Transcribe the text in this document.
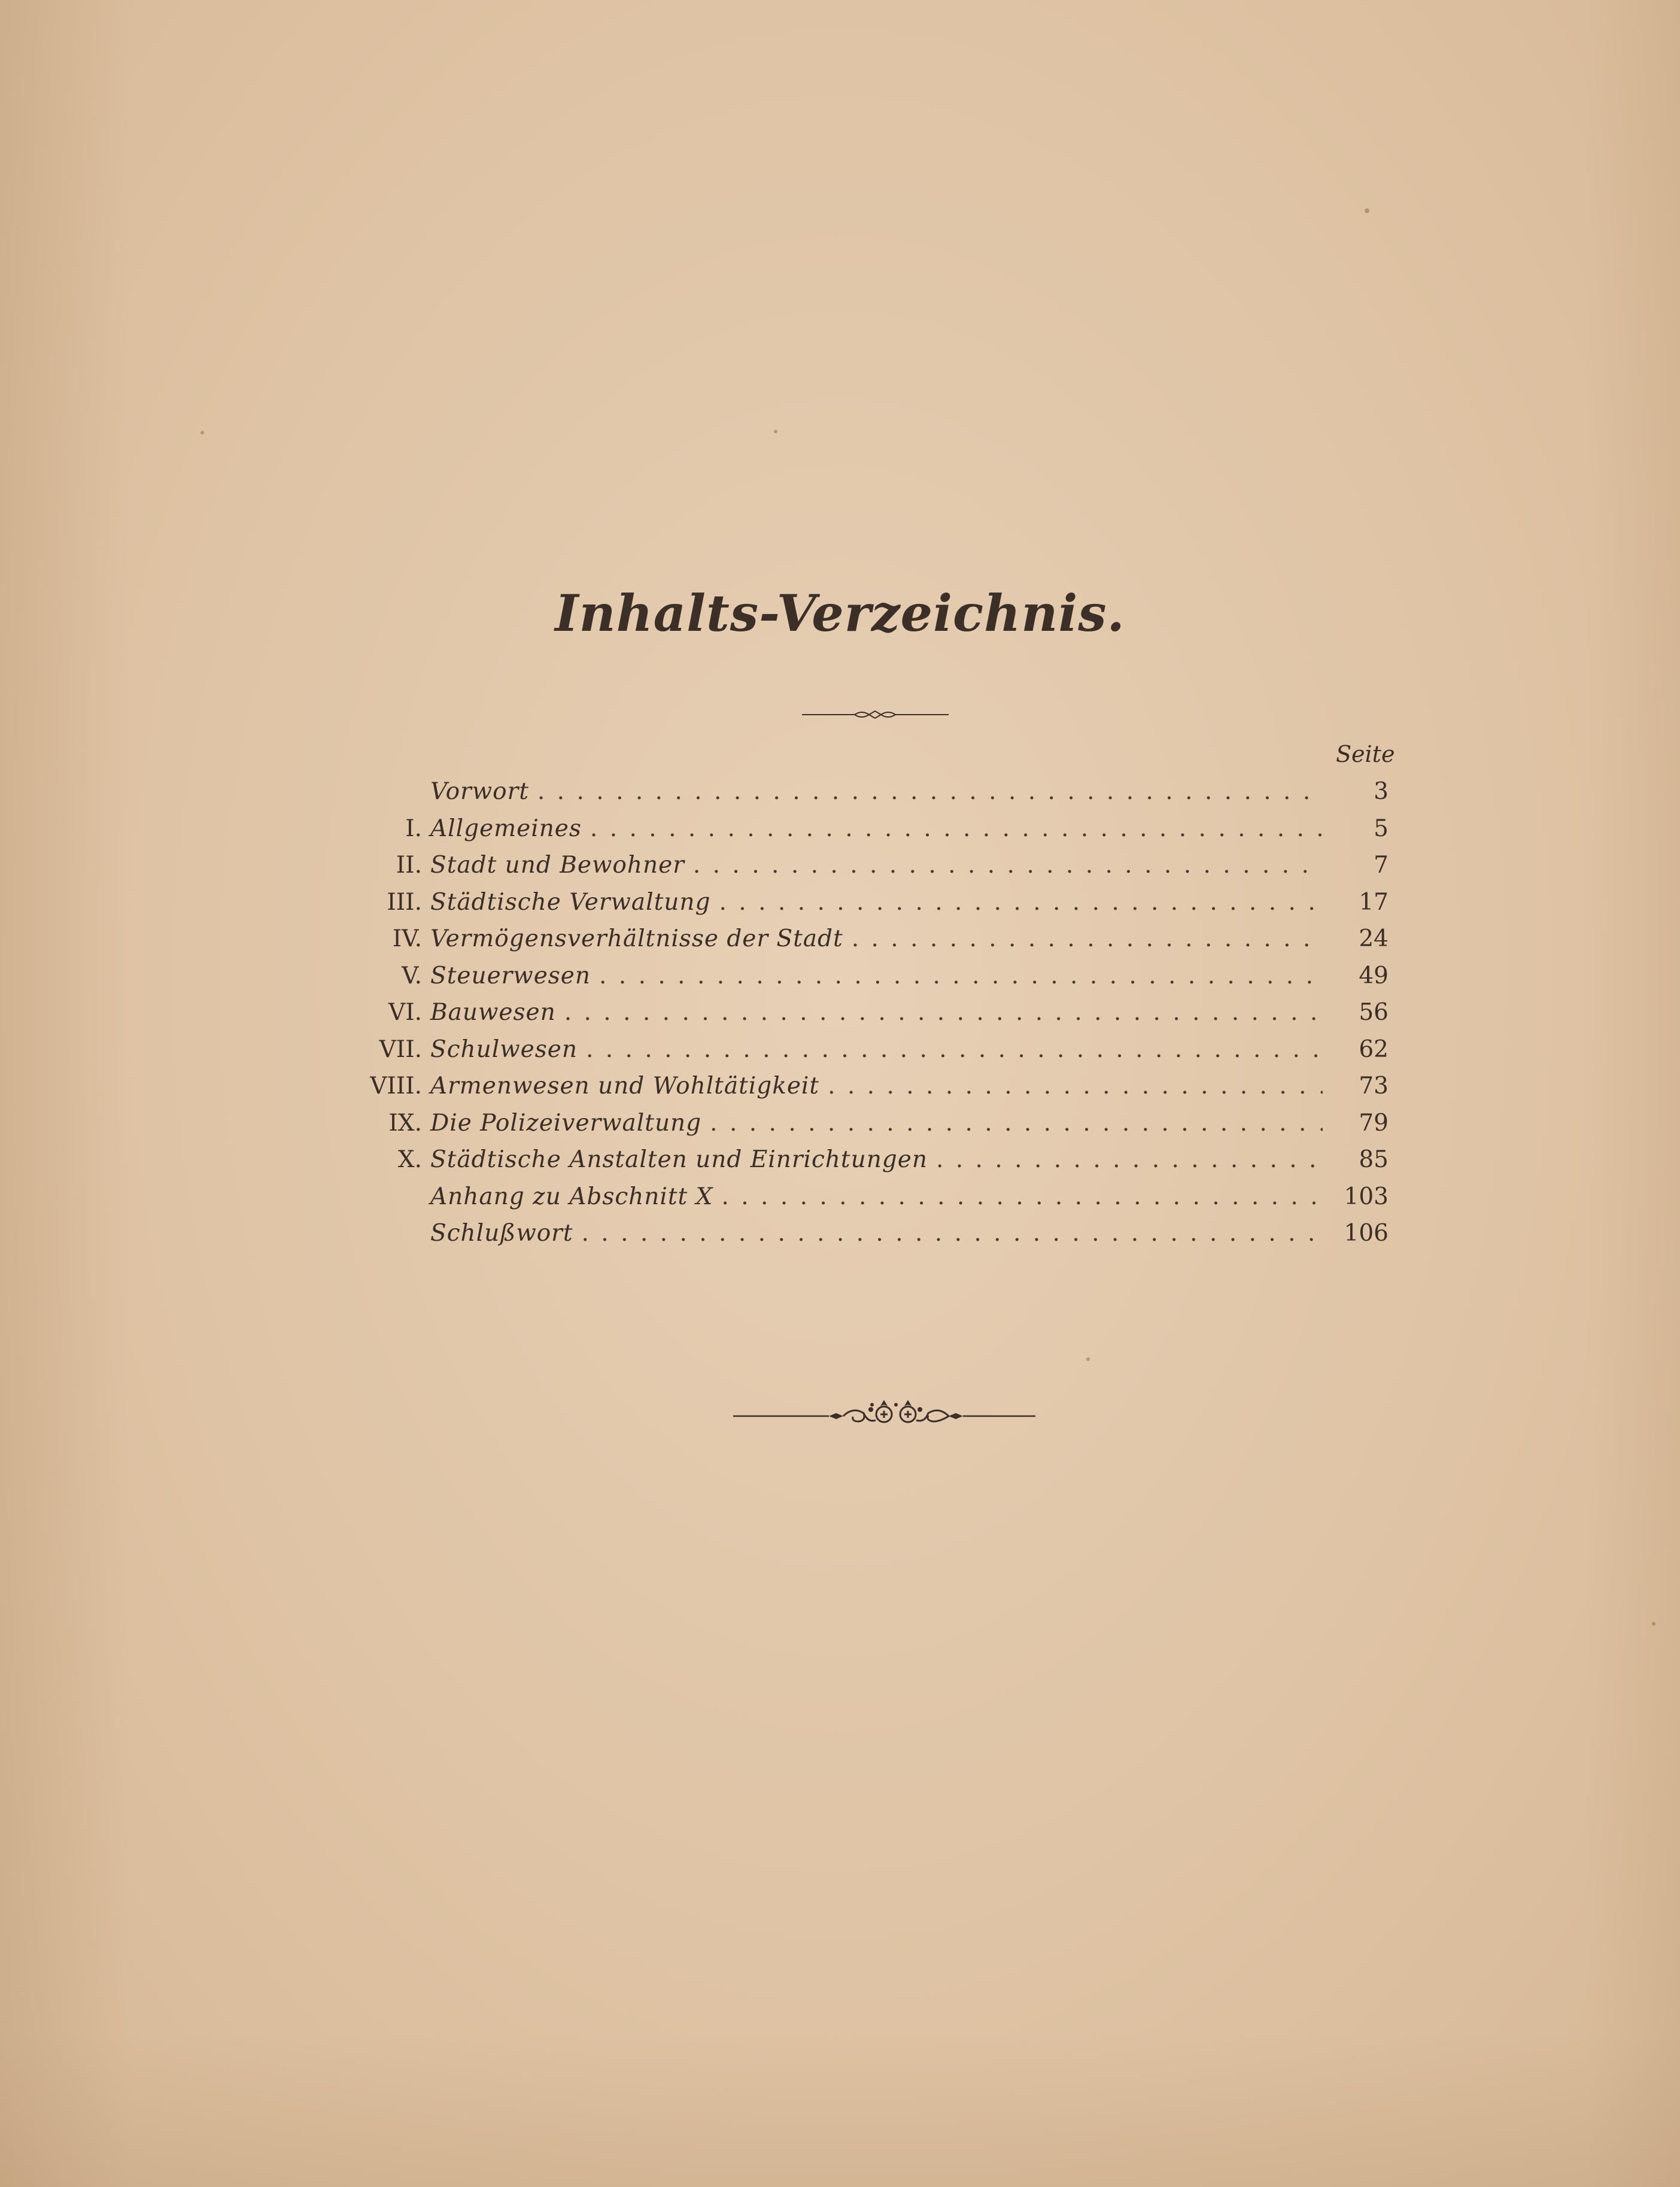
Inhalts-Verzeichnis.
Seite
Vorwort . . .	3
I. Allgemeines . . .	5
II. Stadt und Bewohner . . .	7
III. Städtische Verwaltung . . .	17
IV. Vermögensverhältnisse der Stadt . . .	24
V. Steuerwesen . . .	49
VI. Bauwesen . . .	56
VII. Schulwesen . . .	62
VIII. Armenwesen und Wohltätigkeit . . .	73
IX. Die Polizeiverwaltung . . .	79
X. Städtische Anstalten und Einrichtungen . . .	85
Anhang zu Abschnitt X . . .	103
Schlußwort . . .	106
